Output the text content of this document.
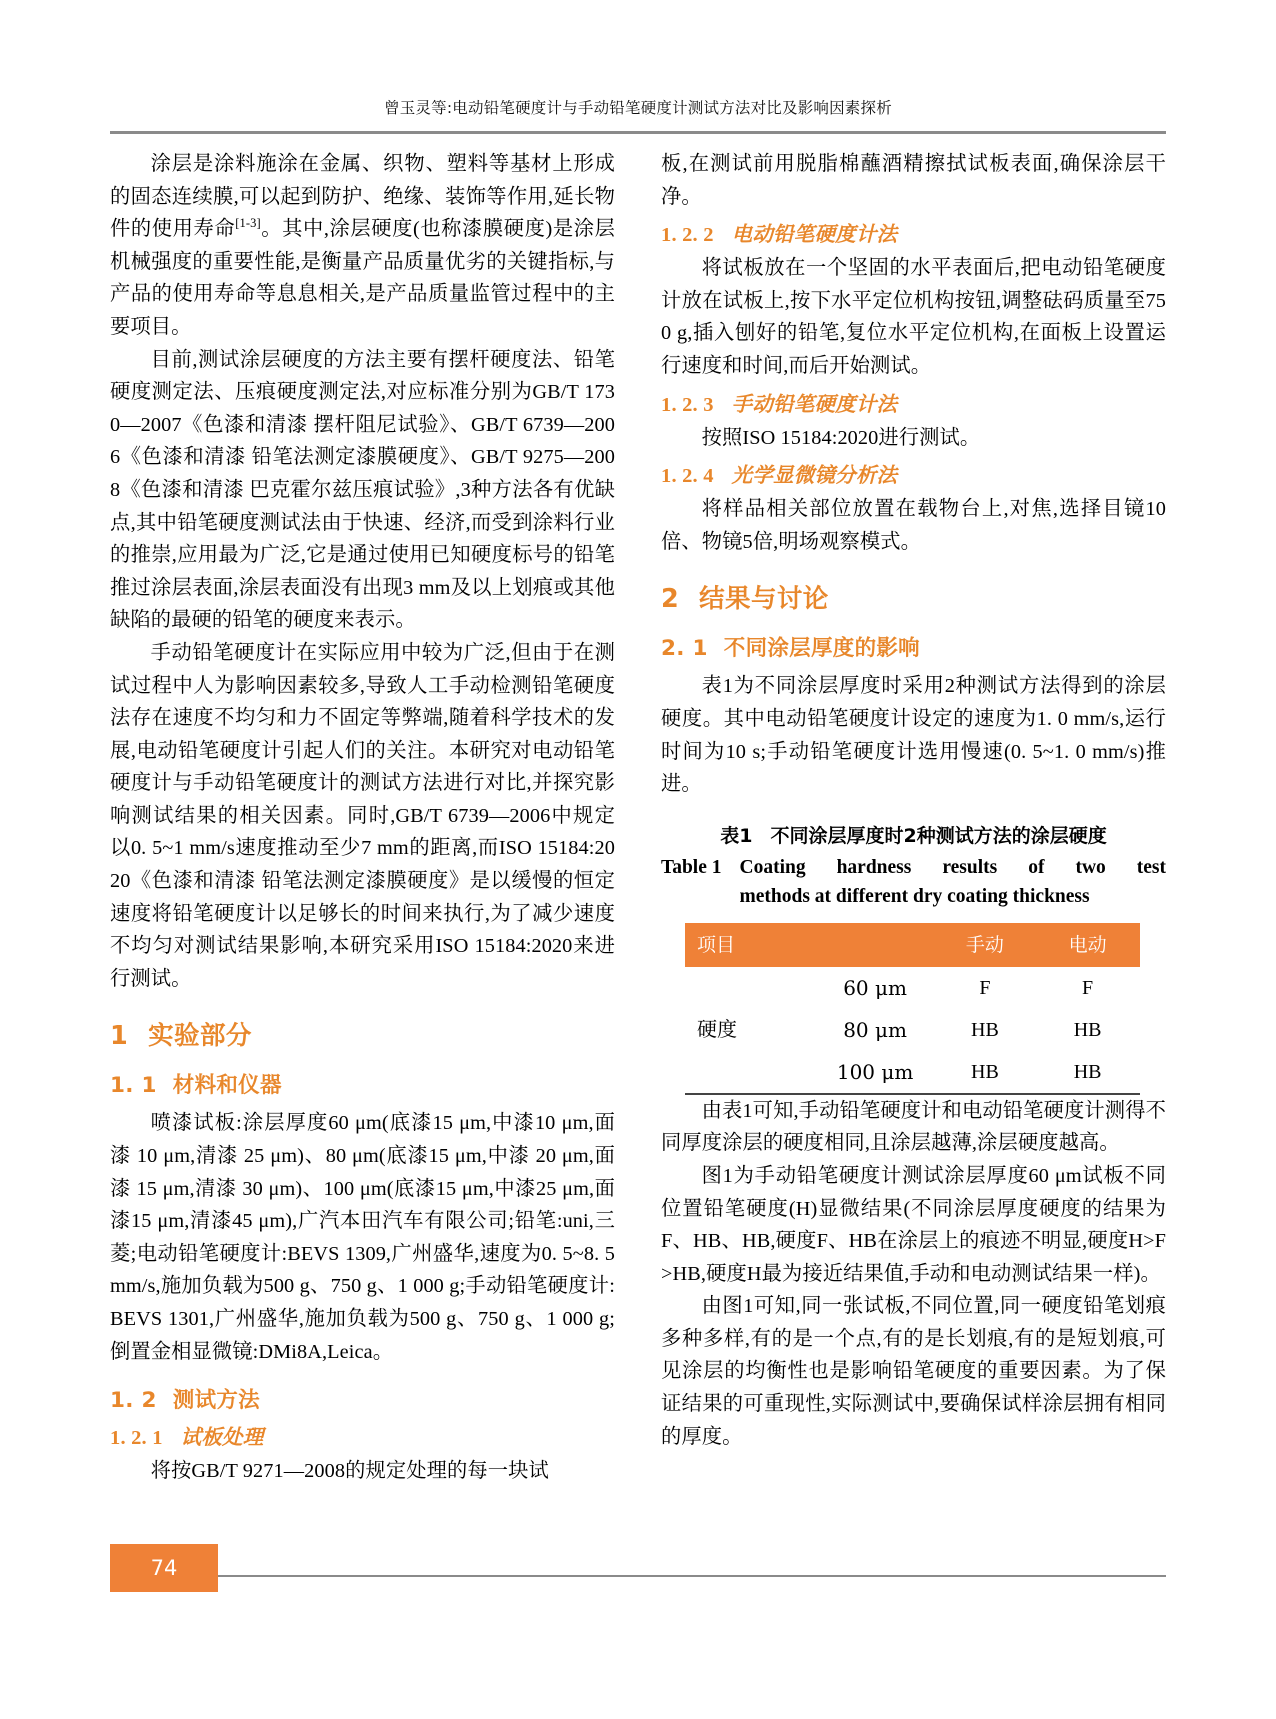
曾玉灵等:电动铅笔硬度计与手动铅笔硬度计测试方法对比及影响因素探析

涂层是涂料施涂在金属、织物、塑料等基材上形成的固态连续膜,可以起到防护、绝缘、装饰等作用,延长物件的使用寿命[1-3]。其中,涂层硬度(也称漆膜硬度)是涂层机械强度的重要性能,是衡量产品质量优劣的关键指标,与产品的使用寿命等息息相关,是产品质量监管过程中的主要项目。

目前,测试涂层硬度的方法主要有摆杆硬度法、铅笔硬度测定法、压痕硬度测定法,对应标准分别为GB/T 1730—2007《色漆和清漆 摆杆阻尼试验》、GB/T 6739—2006《色漆和清漆 铅笔法测定漆膜硬度》、GB/T 9275—2008《色漆和清漆 巴克霍尔兹压痕试验》,3种方法各有优缺点,其中铅笔硬度测试法由于快速、经济,而受到涂料行业的推崇,应用最为广泛,它是通过使用已知硬度标号的铅笔推过涂层表面,涂层表面没有出现3 mm及以上划痕或其他缺陷的最硬的铅笔的硬度来表示。

手动铅笔硬度计在实际应用中较为广泛,但由于在测试过程中人为影响因素较多,导致人工手动检测铅笔硬度法存在速度不均匀和力不固定等弊端,随着科学技术的发展,电动铅笔硬度计引起人们的关注。本研究对电动铅笔硬度计与手动铅笔硬度计的测试方法进行对比,并探究影响测试结果的相关因素。同时,GB/T 6739—2006中规定以0. 5~1 mm/s速度推动至少7 mm的距离,而ISO 15184:2020《色漆和清漆 铅笔法测定漆膜硬度》是以缓慢的恒定速度将铅笔硬度计以足够长的时间来执行,为了减少速度不均匀对测试结果影响,本研究采用ISO 15184:2020来进行测试。

1 实验部分
1. 1 材料和仪器

喷漆试板:涂层厚度60 μm(底漆15 μm,中漆10 μm,面漆 10 μm,清漆 25 μm)、80 μm(底漆15 μm,中漆 20 μm,面漆 15 μm,清漆 30 μm)、100 μm(底漆15 μm,中漆25 μm,面漆15 μm,清漆45 μm),广汽本田汽车有限公司;铅笔:uni,三菱;电动铅笔硬度计:BEVS 1309,广州盛华,速度为0. 5~8. 5 mm/s,施加负载为500 g、750 g、1 000 g;手动铅笔硬度计:BEVS 1301,广州盛华,施加负载为500 g、750 g、1 000 g;倒置金相显微镜:DMi8A,Leica。

1. 2 测试方法
1. 2. 1 试板处理

将按GB/T 9271—2008的规定处理的每一块试

板,在测试前用脱脂棉蘸酒精擦拭试板表面,确保涂层干净。

1. 2. 2 电动铅笔硬度计法

将试板放在一个坚固的水平表面后,把电动铅笔硬度计放在试板上,按下水平定位机构按钮,调整砝码质量至750 g,插入刨好的铅笔,复位水平定位机构,在面板上设置运行速度和时间,而后开始测试。

1. 2. 3 手动铅笔硬度计法

按照ISO 15184:2020进行测试。

1. 2. 4 光学显微镜分析法

将样品相关部位放置在载物台上,对焦,选择目镜10倍、物镜5倍,明场观察模式。

2 结果与讨论
2. 1 不同涂层厚度的影响

表1为不同涂层厚度时采用2种测试方法得到的涂层硬度。其中电动铅笔硬度计设定的速度为1. 0 mm/s,运行时间为10 s;手动铅笔硬度计选用慢速(0. 5~1. 0 mm/s)推进。

表1 不同涂层厚度时2种测试方法的涂层硬度
Table 1 Coating hardness results of two test
methods at different dry coating thickness
项目		手动	电动
	60 μm	F	F
硬度	80 μm	HB	HB
	100 μm	HB	HB

由表1可知,手动铅笔硬度计和电动铅笔硬度计测得不同厚度涂层的硬度相同,且涂层越薄,涂层硬度越高。

图1为手动铅笔硬度计测试涂层厚度60 μm试板不同位置铅笔硬度(H)显微结果(不同涂层厚度硬度的结果为F、HB、HB,硬度F、HB在涂层上的痕迹不明显,硬度H>F>HB,硬度H最为接近结果值,手动和电动测试结果一样)。

由图1可知,同一张试板,不同位置,同一硬度铅笔划痕多种多样,有的是一个点,有的是长划痕,有的是短划痕,可见涂层的均衡性也是影响铅笔硬度的重要因素。为了保证结果的可重现性,实际测试中,要确保试样涂层拥有相同的厚度。

74
